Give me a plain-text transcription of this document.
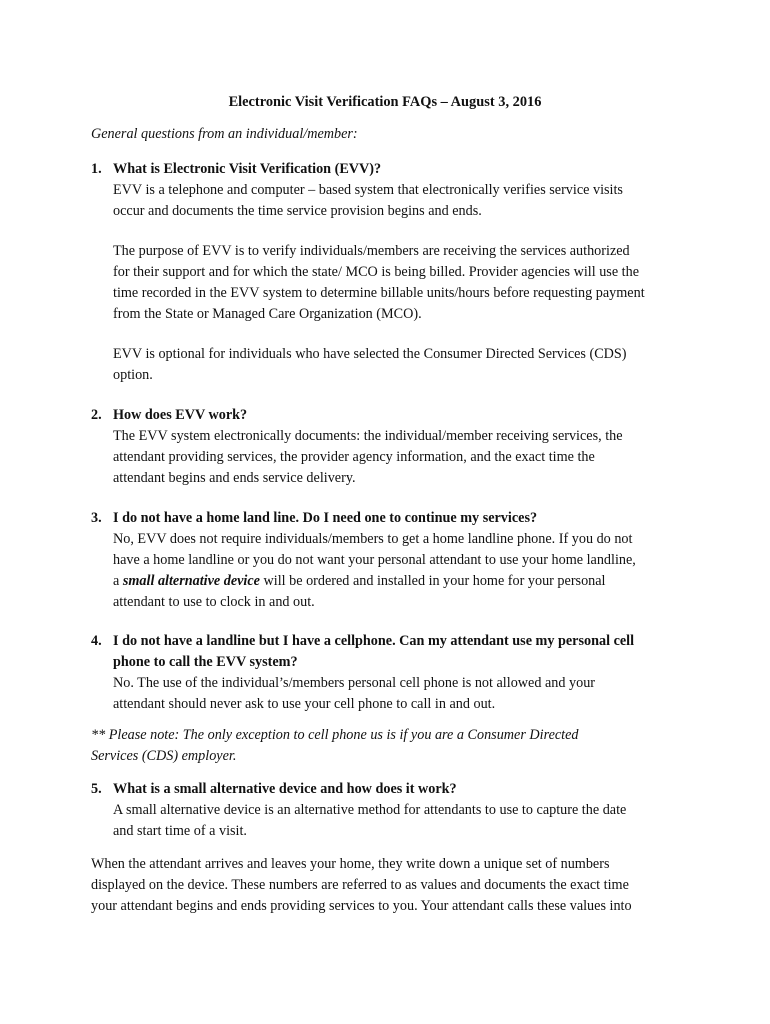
Electronic Visit Verification FAQs – August 3, 2016
General questions from an individual/member:
1. What is Electronic Visit Verification (EVV)?
EVV is a telephone and computer – based system that electronically verifies service visits
occur and documents the time service provision begins and ends.
The purpose of EVV is to verify individuals/members are receiving the services authorized
for their support and for which the state/ MCO is being billed. Provider agencies will use the
time recorded in the EVV system to determine billable units/hours before requesting payment
from the State or Managed Care Organization (MCO).
EVV is optional for individuals who have selected the Consumer Directed Services (CDS)
option.
2. How does EVV work?
The EVV system electronically documents: the individual/member receiving services, the
attendant providing services, the provider agency information, and the exact time the
attendant begins and ends service delivery.
3. I do not have a home land line. Do I need one to continue my services?
No, EVV does not require individuals/members to get a home landline phone. If you do not
have a home landline or you do not want your personal attendant to use your home landline,
a small alternative device will be ordered and installed in your home for your personal
attendant to use to clock in and out.
4. I do not have a landline but I have a cellphone. Can my attendant use my personal cell
phone to call the EVV system?
No. The use of the individual’s/members personal cell phone is not allowed and your
attendant should never ask to use your cell phone to call in and out.
** Please note: The only exception to cell phone us is if you are a Consumer Directed
Services (CDS) employer.
5. What is a small alternative device and how does it work?
A small alternative device is an alternative method for attendants to use to capture the date
and start time of a visit.
When the attendant arrives and leaves your home, they write down a unique set of numbers
displayed on the device. These numbers are referred to as values and documents the exact time
your attendant begins and ends providing services to you. Your attendant calls these values into
